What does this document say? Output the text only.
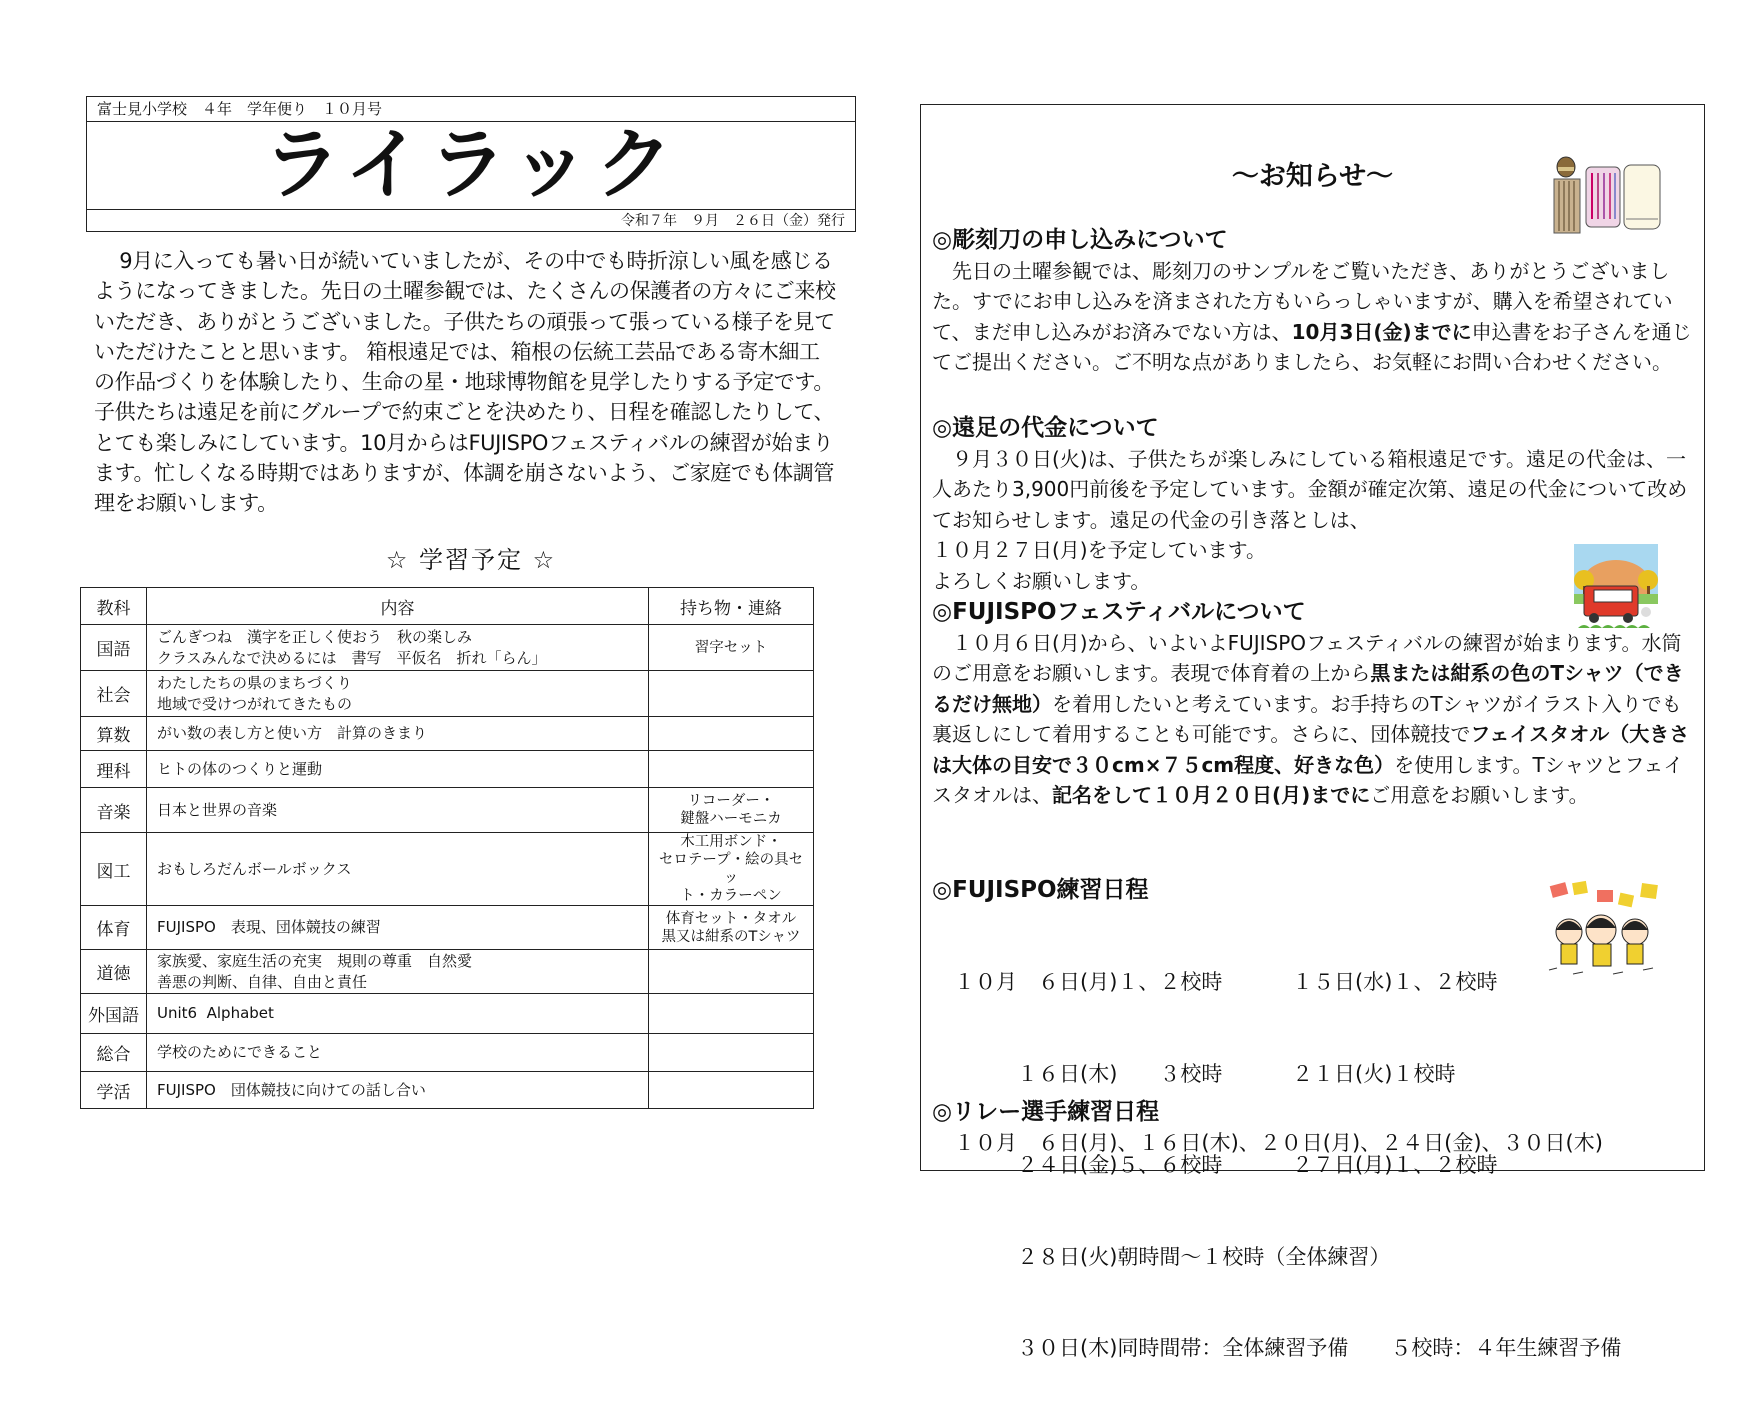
富士見小学校　４年　学年便り　１０月号
ライラック
令和７年　９月　２６日（金）発行

9月に入っても暑い日が続いていましたが、その中でも時折涼しい風を感じるようになってきました。先日の土曜参観では、たくさんの保護者の方々にご来校いただき、ありがとうございました。子供たちの頑張って張っている様子を見ていただけたことと思います。 箱根遠足では、箱根の伝統工芸品である寄木細工の作品づくりを体験したり、生命の星・地球博物館を見学したりする予定です。子供たちは遠足を前にグループで約束ごとを決めたり、日程を確認したりして、とても楽しみにしています。10月からはFUJISPOフェスティバルの練習が始まります。忙しくなる時期ではありますが、体調を崩さないよう、ご家庭でも体調管理をお願いします。

☆ 学習予定 ☆
教科	内容	持ち物・連絡
国語	ごんぎつね　漢字を正しく使おう　秋の楽しみ
クラスみんなで決めるには　書写　平仮名　折れ「らん」	習字セット

社会	わたしたちの県のまちづくり
地域で受けつがれてきたもの	

算数	がい数の表し方と使い方　計算のきまり	
理科	ヒトの体のつくりと運動	
音楽	日本と世界の音楽	リコーダー・
鍵盤ハーモニカ

図工	おもしろだんボールボックス	木工用ボンド・
セロテープ・絵の具セッ
ト・カラーペン

体育	FUJISPO　表現、団体競技の練習	体育セット・タオル
黒又は紺系のTシャツ

道徳	家族愛、家庭生活の充実　規則の尊重　自然愛
善悪の判断、自律、自由と責任	

外国語	Unit6  Alphabet	
総合	学校のためにできること	
学活	FUJISPO　団体競技に向けての話し合い	
～お知らせ～
◎彫刻刀の申し込みについて

先日の土曜参観では、彫刻刀のサンプルをご覧いただき、ありがとうございました。すでにお申し込みを済まされた方もいらっしゃいますが、購入を希望されていて、まだ申し込みがお済みでない方は、10月3日(金)までに申込書をお子さんを通じてご提出ください。ご不明な点がありましたら、お気軽にお問い合わせください。

◎遠足の代金について

９月３０日(火)は、子供たちが楽しみにしている箱根遠足です。遠足の代金は、一人あたり3,900円前後を予定しています。金額が確定次第、遠足の代金について改めてお知らせします。遠足の代金の引き落としは、

１０月２７日(月)を予定しています。

よろしくお願いします。

◎FUJISPOフェスティバルについて

１０月６日(月)から、いよいよFUJISPOフェスティバルの練習が始まります。水筒のご用意をお願いします。表現で体育着の上から黒または紺系の色のTシャツ（できるだけ無地）を着用したいと考えています。お手持ちのTシャツがイラスト入りでも裏返しにして着用することも可能です。さらに、団体競技でフェイスタオル（大きさは大体の目安で３０cm×７５cm程度、好きな色）を使用します。Tシャツとフェイスタオルは、記名をして１０月２０日(月)までにご用意をお願いします。

◎FUJISPO練習日程

１０月　６日(月)１、２校時　　　 １５日(水)１、２校時

　　　１６日(木)　　３校時　　　 ２１日(火)１校時

　　　２４日(金)５、６校時　　　 ２７日(月)１、２校時

　　　２８日(火)朝時間～１校時（全体練習）

　　　３０日(木)同時間帯：全体練習予備　　５校時：４年生練習予備

◎リレー選手練習日程
１０月　６日(月)、１６日(木)、２０日(月)、２４日(金)、３０日(木)
